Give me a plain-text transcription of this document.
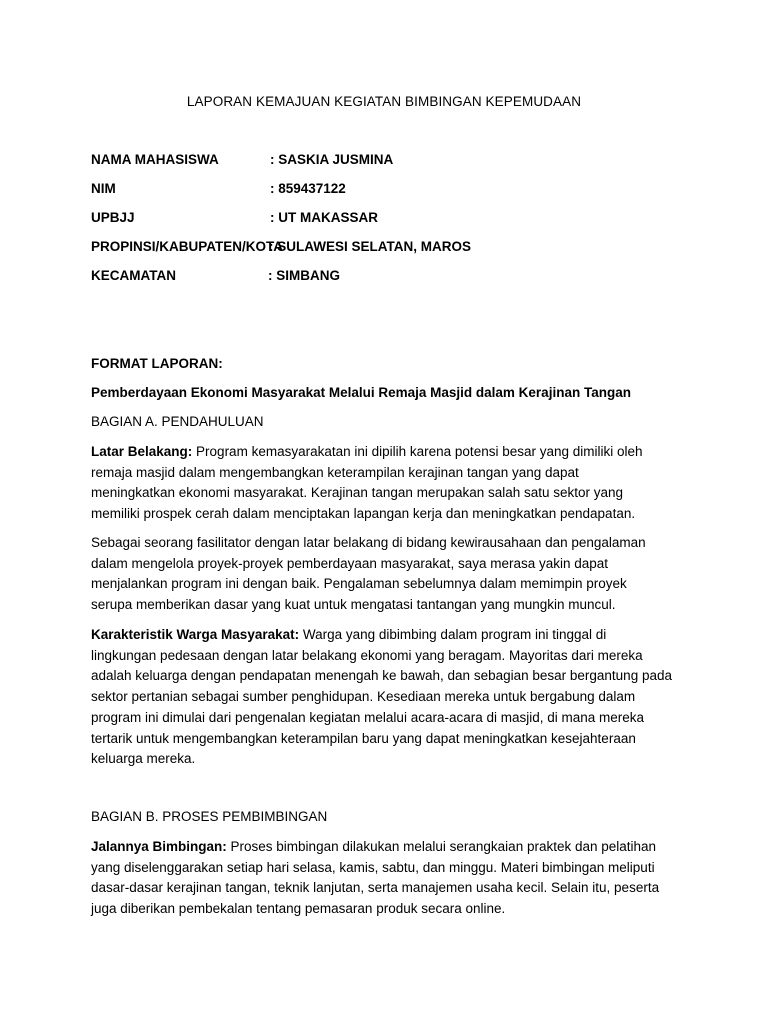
LAPORAN KEMAJUAN KEGIATAN BIMBINGAN KEPEMUDAAN
NAMA MAHASISWA	: SASKIA JUSMINA
NIM	: 859437122
UPBJJ	: UT MAKASSAR
PROPINSI/KABUPATEN/KOTA
: SULAWESI SELATAN, MAROS
KECAMATAN	: SIMBANG
FORMAT LAPORAN:
Pemberdayaan Ekonomi Masyarakat Melalui Remaja Masjid dalam Kerajinan Tangan
BAGIAN A. PENDAHULUAN
Latar Belakang: Program kemasyarakatan ini dipilih karena potensi besar yang dimiliki oleh
remaja masjid dalam mengembangkan keterampilan kerajinan tangan yang dapat
meningkatkan ekonomi masyarakat. Kerajinan tangan merupakan salah satu sektor yang
memiliki prospek cerah dalam menciptakan lapangan kerja dan meningkatkan pendapatan.
Sebagai seorang fasilitator dengan latar belakang di bidang kewirausahaan dan pengalaman
dalam mengelola proyek-proyek pemberdayaan masyarakat, saya merasa yakin dapat
menjalankan program ini dengan baik. Pengalaman sebelumnya dalam memimpin proyek
serupa memberikan dasar yang kuat untuk mengatasi tantangan yang mungkin muncul.
Karakteristik Warga Masyarakat: Warga yang dibimbing dalam program ini tinggal di
lingkungan pedesaan dengan latar belakang ekonomi yang beragam. Mayoritas dari mereka
adalah keluarga dengan pendapatan menengah ke bawah, dan sebagian besar bergantung pada
sektor pertanian sebagai sumber penghidupan. Kesediaan mereka untuk bergabung dalam
program ini dimulai dari pengenalan kegiatan melalui acara-acara di masjid, di mana mereka
tertarik untuk mengembangkan keterampilan baru yang dapat meningkatkan kesejahteraan
keluarga mereka.
BAGIAN B. PROSES PEMBIMBINGAN
Jalannya Bimbingan: Proses bimbingan dilakukan melalui serangkaian praktek dan pelatihan
yang diselenggarakan setiap hari selasa, kamis, sabtu, dan minggu. Materi bimbingan meliputi
dasar-dasar kerajinan tangan, teknik lanjutan, serta manajemen usaha kecil. Selain itu, peserta
juga diberikan pembekalan tentang pemasaran produk secara online.
